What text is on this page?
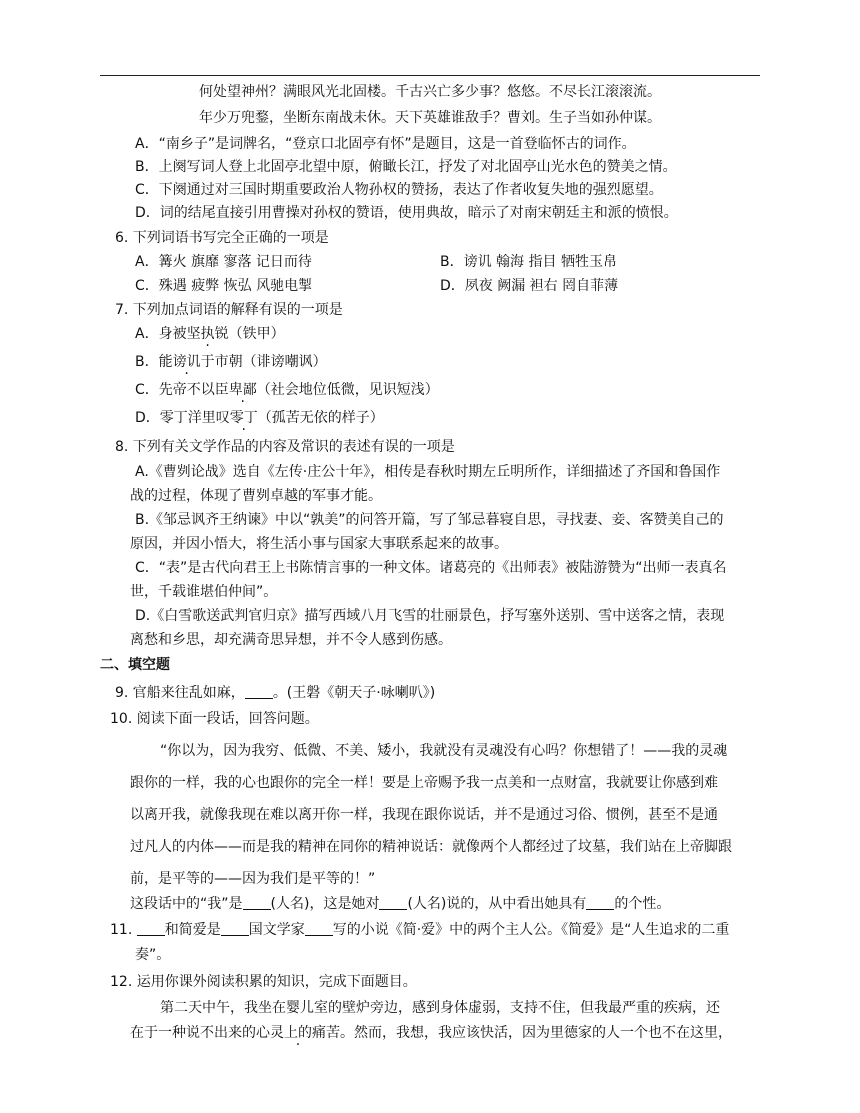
何处望神州？满眼风光北固楼。千古兴亡多少事？悠悠。不尽长江滚滚流。
年少万兜鍪，坐断东南战未休。天下英雄谁敌手？曹刘。生子当如孙仲谋。
A．“南乡子”是词牌名，“登京口北固亭有怀”是题目，这是一首登临怀古的词作。
B．上阕写词人登上北固亭北望中原，俯瞰长江，抒发了对北固亭山光水色的赞美之情。
C．下阕通过对三国时期重要政治人物孙权的赞扬，表达了作者收复失地的强烈愿望。
D．词的结尾直接引用曹操对孙权的赞语，使用典故，暗示了对南宋朝廷主和派的愤恨。
6. 下列词语书写完全正确的一项是
A．篝火 旗靡 寥落 记日而待	B．谤讥 翰海 指目 牺牲玉帛
C．殊遇 疲弊 恢弘 风驰电掣	D．夙夜 阙漏 袒右 罔自菲薄
7. 下列加点词语的解释有误的一项是
A．身被坚执锐（铁甲）
B．能谤讥于市朝（诽谤嘲讽）
C．先帝不以臣卑鄙（社会地位低微，见识短浅）
D．零丁洋里叹零丁（孤苦无依的样子）
8. 下列有关文学作品的内容及常识的表述有误的一项是
A.《曹刿论战》选自《左传·庄公十年》，相传是春秋时期左丘明所作，详细描述了齐国和鲁国作
战的过程，体现了曹刿卓越的军事才能。
B.《邹忌讽齐王纳谏》中以“孰美”的问答开篇，写了邹忌暮寝自思，寻找妻、妾、客赞美自己的
原因，并因小悟大，将生活小事与国家大事联系起来的故事。
C．“表”是古代向君王上书陈情言事的一种文体。诸葛亮的《出师表》被陆游赞为“出师一表真名
世，千载谁堪伯仲间”。
D.《白雪歌送武判官归京》描写西域八月飞雪的壮丽景色，抒写塞外送别、雪中送客之情，表现
离愁和乡思，却充满奇思异想，并不令人感到伤感。
二、填空题
9. 官船来往乱如麻， 。(王磐《朝天子·咏喇叭》)
10. 阅读下面一段话，回答问题。
“你以为，因为我穷、低微、不美、矮小，我就没有灵魂没有心吗？你想错了！——我的灵魂
跟你的一样，我的心也跟你的完全一样！要是上帝赐予我一点美和一点财富，我就要让你感到难
以离开我，就像我现在难以离开你一样，我现在跟你说话，并不是通过习俗、惯例，甚至不是通
过凡人的内体——而是我的精神在同你的精神说话：就像两个人都经过了坟墓，我们站在上帝脚跟
前，是平等的——因为我们是平等的！”
这段话中的“我”是 (人名)，这是她对 (人名)说的，从中看出她具有 的个性。
11. 和简爱是 国文学家 写的小说《简·爱》中的两个主人公。《简爱》是“人生追求的二重
奏”。
12. 运用你课外阅读积累的知识，完成下面题目。
第二天中午，我坐在婴儿室的壁炉旁边，感到身体虚弱，支持不住，但我最严重的疾病，还
在于一种说不出来的心灵上的痛苦 ·。然而，我想，我应该快活，因为里德家的人一个也不在这里，
